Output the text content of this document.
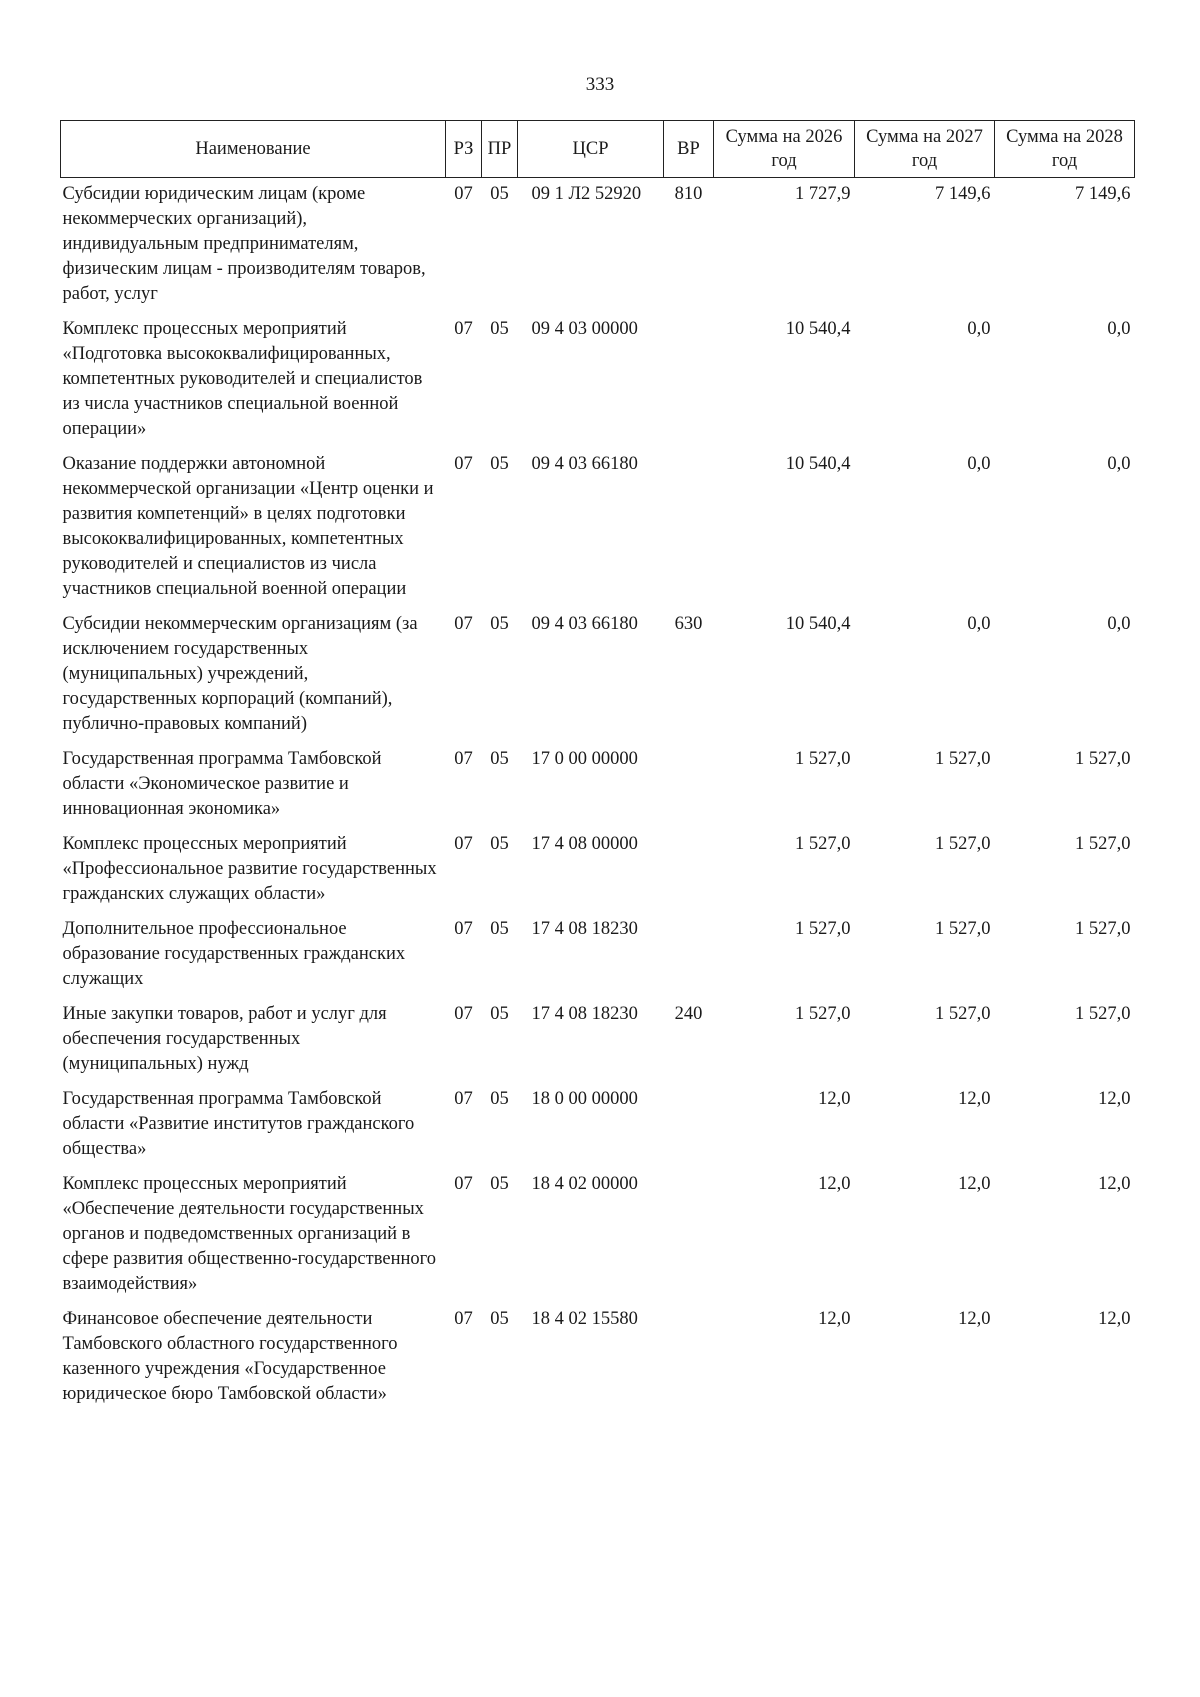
333
Наименование	РЗ	ПР	ЦСР	ВР	Сумма на 2026 год	Сумма на 2027 год	Сумма на 2028 год
Субсидии юридическим лицам (кроме некоммерческих организаций), индивидуальным предпринимателям, физическим лицам - производителям товаров, работ, услуг	07	05	09 1 Л2 52920	810	1 727,9	7 149,6	7 149,6
Комплекс процессных мероприятий «Подготовка высококвалифицированных, компетентных руководителей и специалистов из числа участников специальной военной операции»	07	05	09 4 03 00000		10 540,4	0,0	0,0
Оказание поддержки автономной некоммерческой организации «Центр оценки и развития компетенций» в целях подготовки высококвалифицированных, компетентных руководителей и специалистов из числа участников специальной военной операции	07	05	09 4 03 66180		10 540,4	0,0	0,0
Субсидии некоммерческим организациям (за исключением государственных (муниципальных) учреждений, государственных корпораций (компаний), публично-правовых компаний)	07	05	09 4 03 66180	630	10 540,4	0,0	0,0
Государственная программа Тамбовской области «Экономическое развитие и инновационная экономика»	07	05	17 0 00 00000		1 527,0	1 527,0	1 527,0
Комплекс процессных мероприятий «Профессиональное развитие государственных гражданских служащих области»	07	05	17 4 08 00000		1 527,0	1 527,0	1 527,0
Дополнительное профессиональное образование государственных гражданских служащих	07	05	17 4 08 18230		1 527,0	1 527,0	1 527,0
Иные закупки товаров, работ и услуг для обеспечения государственных (муниципальных) нужд	07	05	17 4 08 18230	240	1 527,0	1 527,0	1 527,0
Государственная программа Тамбовской области «Развитие институтов гражданского общества»	07	05	18 0 00 00000		12,0	12,0	12,0
Комплекс процессных мероприятий «Обеспечение деятельности государственных органов и подведомственных организаций в сфере развития общественно-государственного взаимодействия»	07	05	18 4 02 00000		12,0	12,0	12,0
Финансовое обеспечение деятельности Тамбовского областного государственного казенного учреждения «Государственное юридическое бюро Тамбовской области»	07	05	18 4 02 15580		12,0	12,0	12,0
